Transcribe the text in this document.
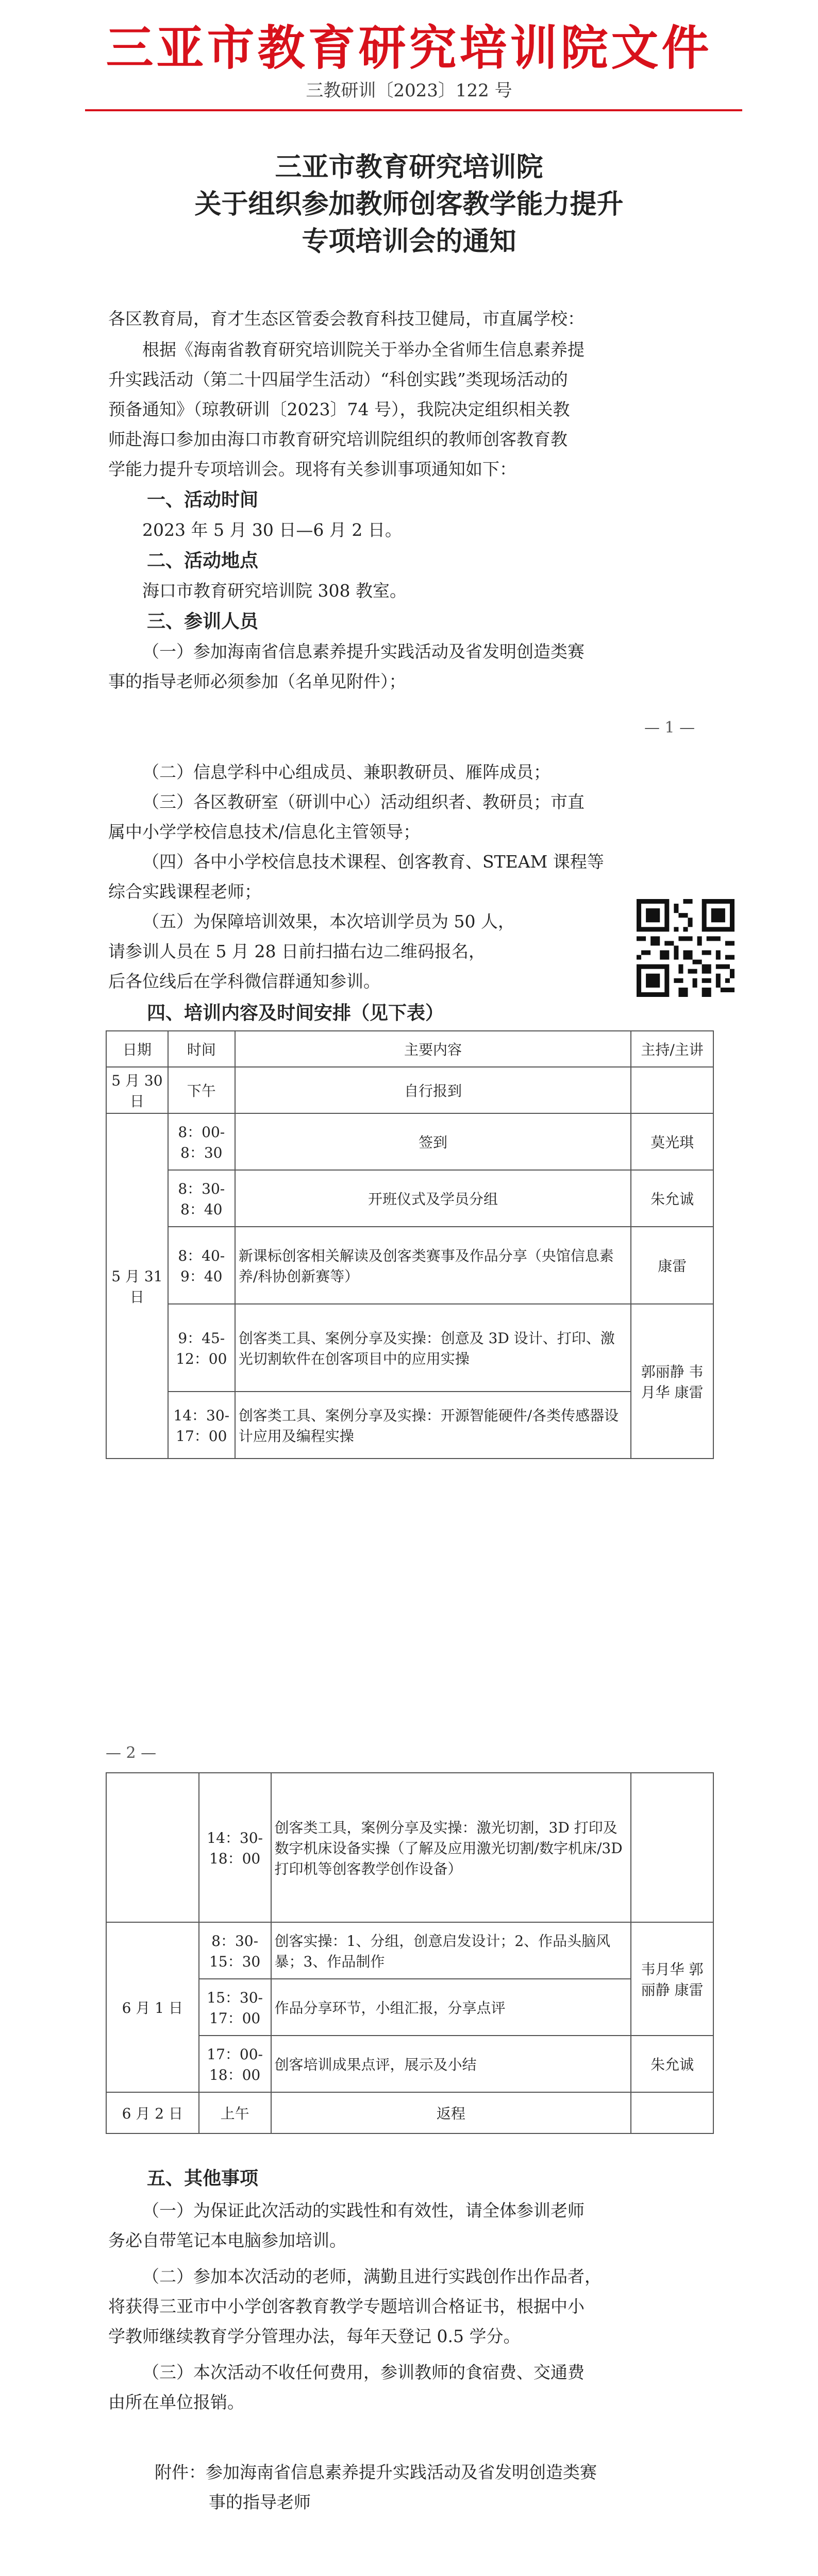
三亚市教育研究培训院文件
三教研训〔2023〕122 号
三亚市教育研究培训院
关于组织参加教师创客教学能力提升
专项培训会的通知
各区教育局，育才生态区管委会教育科技卫健局，市直属学校：
根据《海南省教育研究培训院关于举办全省师生信息素养提
升实践活动（第二十四届学生活动）“科创实践”类现场活动的
预备通知》（琼教研训〔2023〕74 号），我院决定组织相关教
师赴海口参加由海口市教育研究培训院组织的教师创客教育教
学能力提升专项培训会。现将有关参训事项通知如下：
一、活动时间
2023 年 5 月 30 日—6 月 2 日。
二、活动地点
海口市教育研究培训院 308 教室。
三、参训人员
（一）参加海南省信息素养提升实践活动及省发明创造类赛
事的指导老师必须参加（名单见附件）；
— 1 —
（二）信息学科中心组成员、兼职教研员、雁阵成员；
（三）各区教研室（研训中心）活动组织者、教研员；市直
属中小学学校信息技术/信息化主管领导；
（四）各中小学校信息技术课程、创客教育、STEAM 课程等
综合实践课程老师；
（五）为保障培训效果，本次培训学员为 50 人，
请参训人员在 5 月 28 日前扫描右边二维码报名，
后各位线后在学科微信群通知参训。
四、培训内容及时间安排（见下表）
日期	时间	主要内容	主持/主讲
5 月 30 日	下午	自行报到	
5 月 31 日	8：00-8：30	签到	莫光琪
	8：30-8：40	开班仪式及学员分组	朱允诚
	8：40-9：40	新课标创客相关解读及创客类赛事及作品分享（央馆信息素养/科协创新赛等）	康雷
	9：45-12：00	创客类工具、案例分享及实操：创意及 3D 设计、打印、激光切割软件在创客项目中的应用实操	郭丽静 韦月华 康雷
	14：30-17：00	创客类工具、案例分享及实操：开源智能硬件/各类传感器设计应用及编程实操	
— 2 —
	14：30-18：00	创客类工具，案例分享及实操：激光切割，3D 打印及数字机床设备实操（了解及应用激光切割/数字机床/3D 打印机等创客教学创作设备）	
6 月 1 日	8：30-15：30	创客实操：1、分组，创意启发设计；2、作品头脑风暴；3、作品制作	韦月华 郭丽静 康雷
	15：30-17：00	作品分享环节，小组汇报，分享点评	
	17：00-18：00	创客培训成果点评，展示及小结	朱允诚
6 月 2 日	上午	返程	
五、其他事项
（一）为保证此次活动的实践性和有效性，请全体参训老师
务必自带笔记本电脑参加培训。
（二）参加本次活动的老师，满勤且进行实践创作出作品者，
将获得三亚市中小学创客教育教学专题培训合格证书，根据中小
学教师继续教育学分管理办法，每年天登记 0.5 学分。
（三）本次活动不收任何费用，参训教师的食宿费、交通费
由所在单位报销。
附件：参加海南省信息素养提升实践活动及省发明创造类赛
事的指导老师
